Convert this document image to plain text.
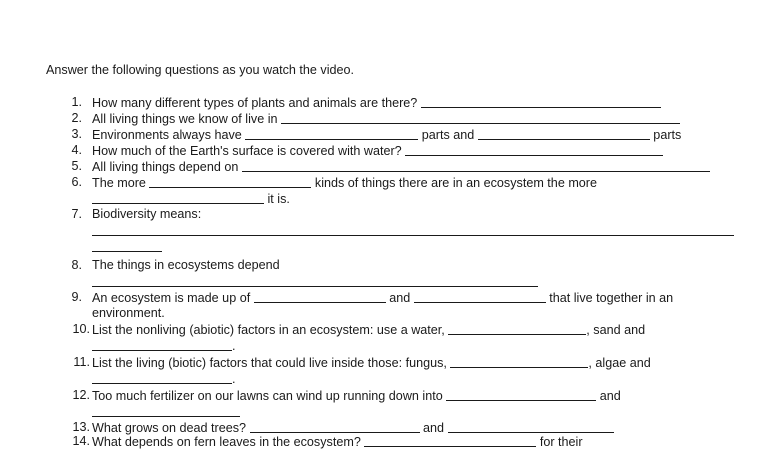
Answer the following questions as you watch the video.
1. How many different types of plants and animals are there?
2. All living things we know of live in
3. Environments always have	parts and	parts
4. How much of the Earth's surface is covered with water?
5. All living things depend on
6. The more	kinds of things there are in an ecosystem the more
it is.
7. Biodiversity means:
8. The things in ecosystems depend
9. An ecosystem is made up of	and	that live together in an
environment.
10. List the nonliving (abiotic) factors in an ecosystem: use a water,	, sand and
.
11. List the living (biotic) factors that could live inside those: fungus,	, algae and
.
12. Too much fertilizer on our lawns can wind up running down into	and
13. What grows on dead trees?	and
14. What depends on fern leaves in the ecosystem?	for their
